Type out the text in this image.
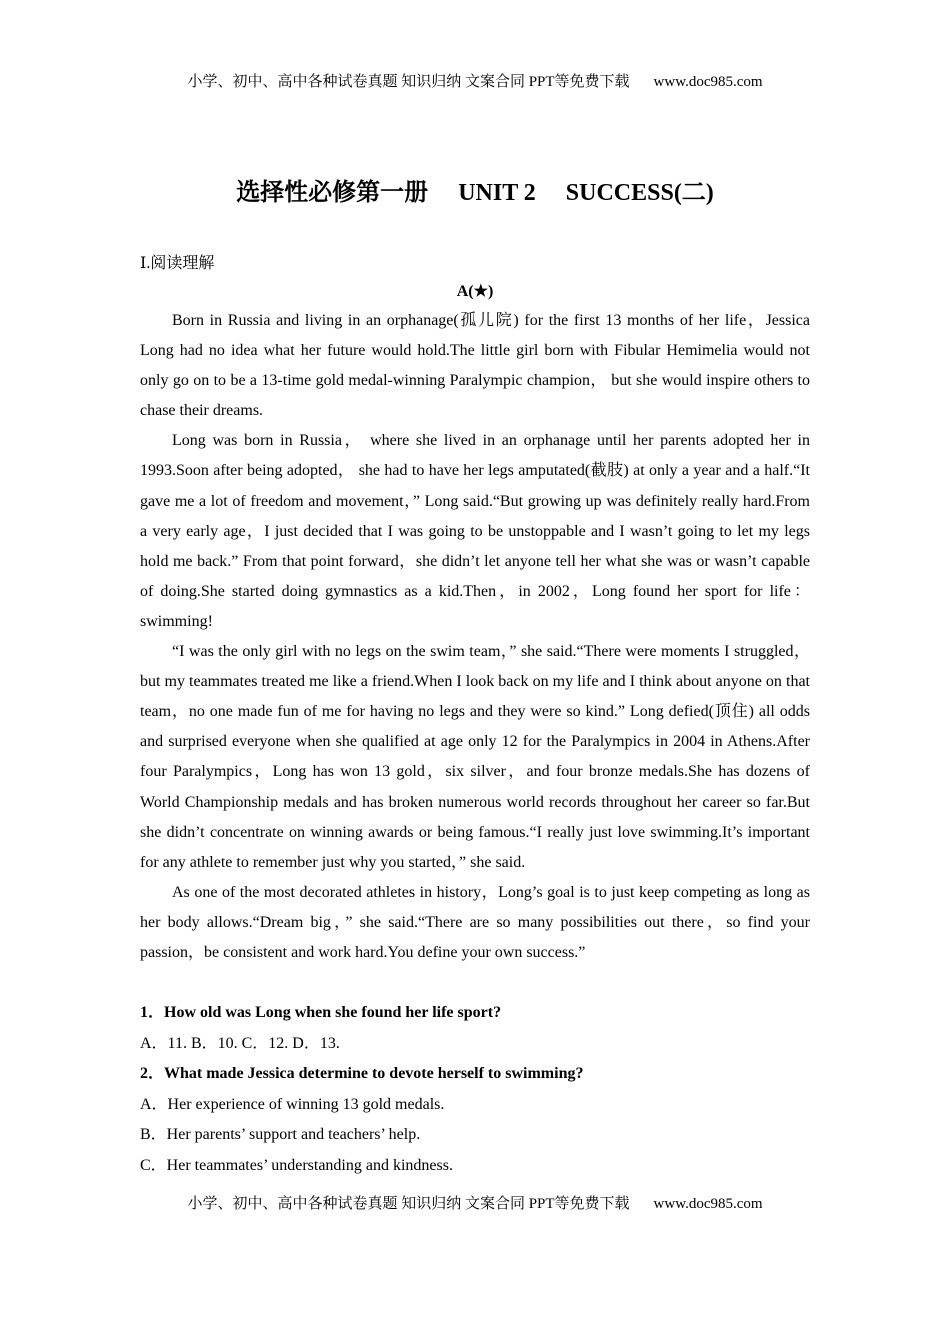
小学、初中、高中各种试卷真题 知识归纳 文案合同 PPT等免费下载 www.doc985.com
选择性必修第一册 UNIT 2 SUCCESS(二)
Ⅰ.阅读理解
A(★)

Born in Russia and living in an orphanage(孤儿院) for the first 13 months of her life，Jessica Long had no idea what her future would hold.The little girl born with Fibular Hemimelia would not only go on to be a 13-time gold medal-winning Paralympic champion， but she would inspire others to chase their dreams.

Long was born in Russia， where she lived in an orphanage until her parents adopted her in 1993.Soon after being adopted， she had to have her legs amputated(截肢) at only a year and a half.“It gave me a lot of freedom and movement，” Long said.“But growing up was definitely really hard.From a very early age，I just decided that I was going to be unstoppable and I wasn’t going to let my legs hold me back.” From that point forward，she didn’t let anyone tell her what she was or wasn’t capable of doing.She started doing gymnastics as a kid.Then，in 2002，Long found her sport for life：swimming!

“I was the only girl with no legs on the swim team，” she said.“There were moments I struggled， but my teammates treated me like a friend.When I look back on my life and I think about anyone on that team，no one made fun of me for having no legs and they were so kind.” Long defied(顶住) all odds and surprised everyone when she qualified at age only 12 for the Paralympics in 2004 in Athens.After four Paralympics，Long has won 13 gold，six silver，and four bronze medals.She has dozens of World Championship medals and has broken numerous world records throughout her career so far.But she didn’t concentrate on winning awards or being famous.“I really just love swimming.It’s important for any athlete to remember just why you started，” she said.

As one of the most decorated athletes in history，Long’s goal is to just keep competing as long as her body allows.“Dream big，” she said.“There are so many possibilities out there，so find your passion，be consistent and work hard.You define your own success.”

1．How old was Long when she found her life sport?
A．11. B．10. C．12. D．13.
2．What made Jessica determine to devote herself to swimming?
A．Her experience of winning 13 gold medals.
B．Her parents’ support and teachers’ help.
C．Her teammates’ understanding and kindness.
小学、初中、高中各种试卷真题 知识归纳 文案合同 PPT等免费下载 www.doc985.com
